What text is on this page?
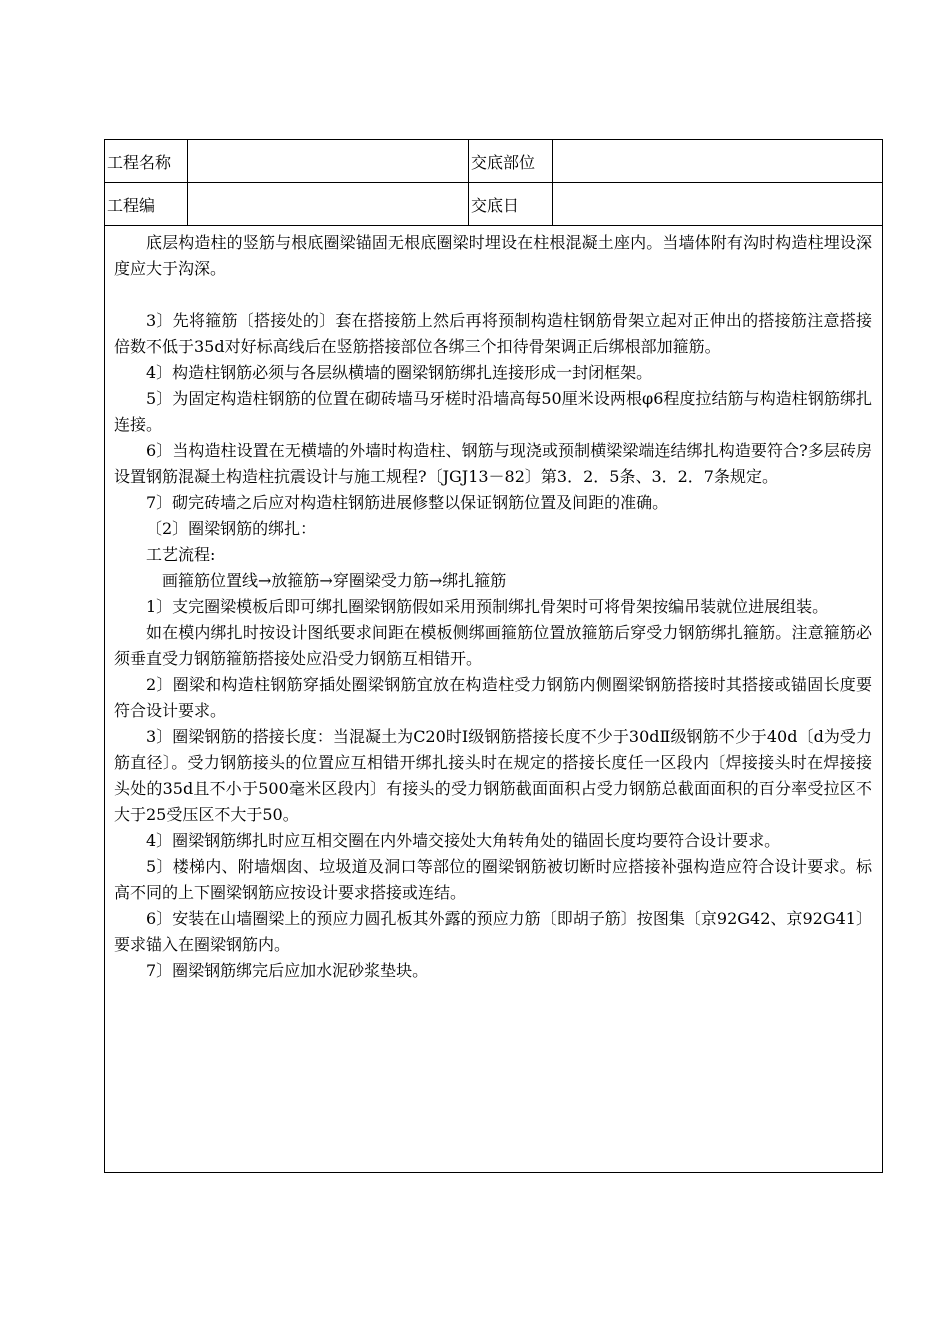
工程名称	交底部位
工程编	交底日

底层构造柱的竖筋与根底圈梁锚固无根底圈梁时埋设在柱根混凝土座内。当墙体附有沟时构造柱埋设深度应大于沟深。

3〕先将箍筋〔搭接处的〕套在搭接筋上然后再将预制构造柱钢筋骨架立起对正伸出的搭接筋注意搭接倍数不低于35d对好标高线后在竖筋搭接部位各绑三个扣待骨架调正后绑根部加箍筋。

4〕构造柱钢筋必须与各层纵横墙的圈梁钢筋绑扎连接形成一封闭框架。

5〕为固定构造柱钢筋的位置在砌砖墙马牙槎时沿墙高每50厘米设两根φ6程度拉结筋与构造柱钢筋绑扎连接。

6〕当构造柱设置在无横墙的外墙时构造柱、钢筋与现浇或预制横梁梁端连结绑扎构造要符合?多层砖房设置钢筋混凝土构造柱抗震设计与施工规程?〔JGJ13－82〕第3．2．5条、3．2．7条规定。

7〕砌完砖墙之后应对构造柱钢筋进展修整以保证钢筋位置及间距的准确。

〔2〕圈梁钢筋的绑扎：

工艺流程:

画箍筋位置线→放箍筋→穿圈梁受力筋→绑扎箍筋

1〕支完圈梁模板后即可绑扎圈梁钢筋假如采用预制绑扎骨架时可将骨架按编吊装就位进展组装。

如在模内绑扎时按设计图纸要求间距在模板侧绑画箍筋位置放箍筋后穿受力钢筋绑扎箍筋。注意箍筋必须垂直受力钢筋箍筋搭接处应沿受力钢筋互相错开。

2〕圈梁和构造柱钢筋穿插处圈梁钢筋宜放在构造柱受力钢筋内侧圈梁钢筋搭接时其搭接或锚固长度要符合设计要求。

3〕圈梁钢筋的搭接长度：当混凝土为C20时Ⅰ级钢筋搭接长度不少于30dⅡ级钢筋不少于40d〔d为受力筋直径〕。受力钢筋接头的位置应互相错开绑扎接头时在规定的搭接长度任一区段内〔焊接接头时在焊接接头处的35d且不小于500毫米区段内〕有接头的受力钢筋截面面积占受力钢筋总截面面积的百分率受拉区不大于25受压区不大于50。

4〕圈梁钢筋绑扎时应互相交圈在内外墙交接处大角转角处的锚固长度均要符合设计要求。

5〕楼梯内、附墙烟囱、垃圾道及洞口等部位的圈梁钢筋被切断时应搭接补强构造应符合设计要求。标高不同的上下圈梁钢筋应按设计要求搭接或连结。

6〕安装在山墙圈梁上的预应力圆孔板其外露的预应力筋〔即胡子筋〕按图集〔京92G42、京92G41〕要求锚入在圈梁钢筋内。

7〕圈梁钢筋绑完后应加水泥砂浆垫块。
